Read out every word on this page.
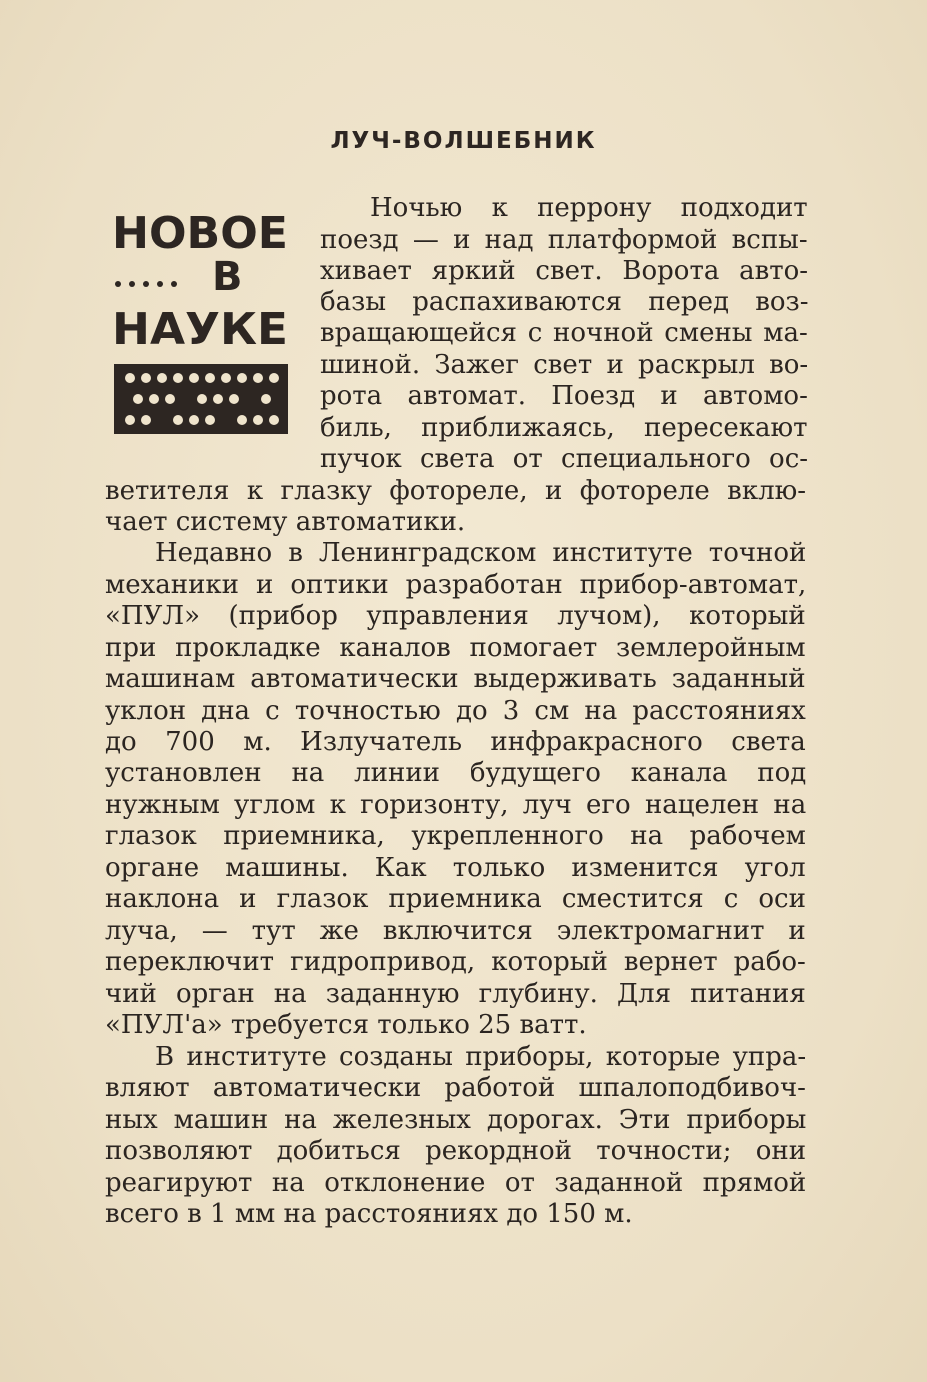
ЛУЧ-ВОЛШЕБНИК
НОВОЕ
В
НАУКЕ
Ночью к перрону подходит
поезд — и над платформой вспы-
хивает яркий свет. Ворота авто-
базы распахиваются перед воз-
вращающейся с ночной смены ма-
шиной. Зажег свет и раскрыл во-
рота автомат. Поезд и автомо-
биль, приближаясь, пересекают
пучок света от специального ос-
ветителя к глазку фотореле, и фотореле вклю-
чает систему автоматики.
Недавно в Ленинградском институте точной
механики и оптики разработан прибор-автомат,
«ПУЛ» (прибор управления лучом), который
при прокладке каналов помогает землеройным
машинам автоматически выдерживать заданный
уклон дна с точностью до 3 см на расстояниях
до 700 м. Излучатель инфракрасного света
установлен на линии будущего канала под
нужным углом к горизонту, луч его нацелен на
глазок приемника, укрепленного на рабочем
органе машины. Как только изменится угол
наклона и глазок приемника сместится с оси
луча, — тут же включится электромагнит и
переключит гидропривод, который вернет рабо-
чий орган на заданную глубину. Для питания
«ПУЛ'а» требуется только 25 ватт.
В институте созданы приборы, которые упра-
вляют автоматически работой шпалоподбивоч-
ных машин на железных дорогах. Эти приборы
позволяют добиться рекордной точности; они
реагируют на отклонение от заданной прямой
всего в 1 мм на расстояниях до 150 м.
